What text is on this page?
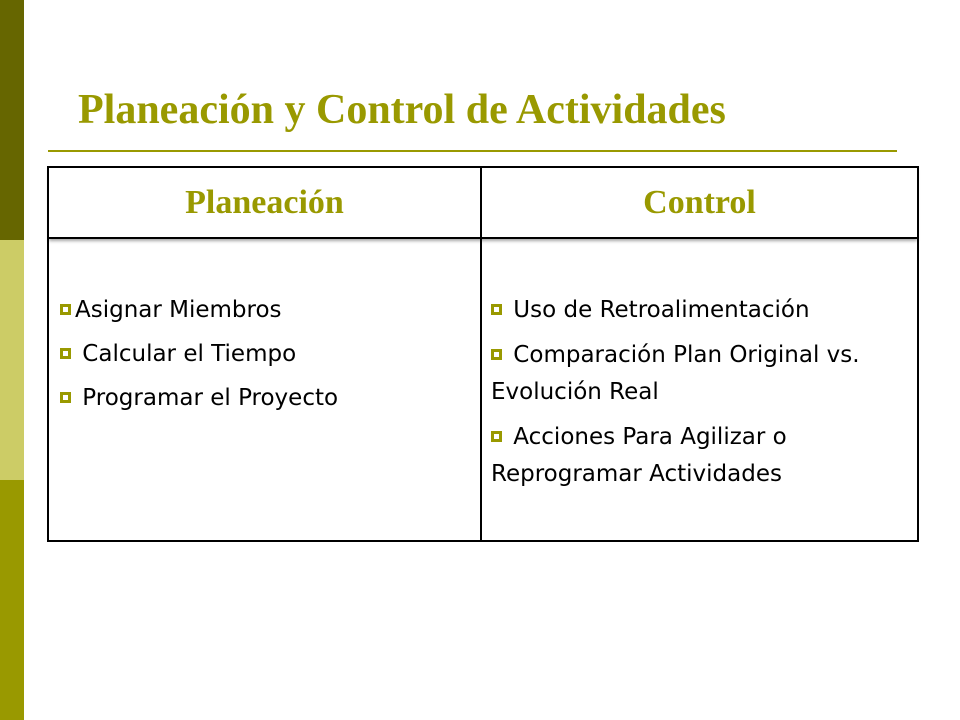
Planeación y Control de Actividades
Planeación	Control
Asignar Miembros
Calcular el Tiempo
Programar el Proyecto
Uso de Retroalimentación
Comparación Plan Original vs. Evolución Real
Acciones Para Agilizar o Reprogramar Actividades
